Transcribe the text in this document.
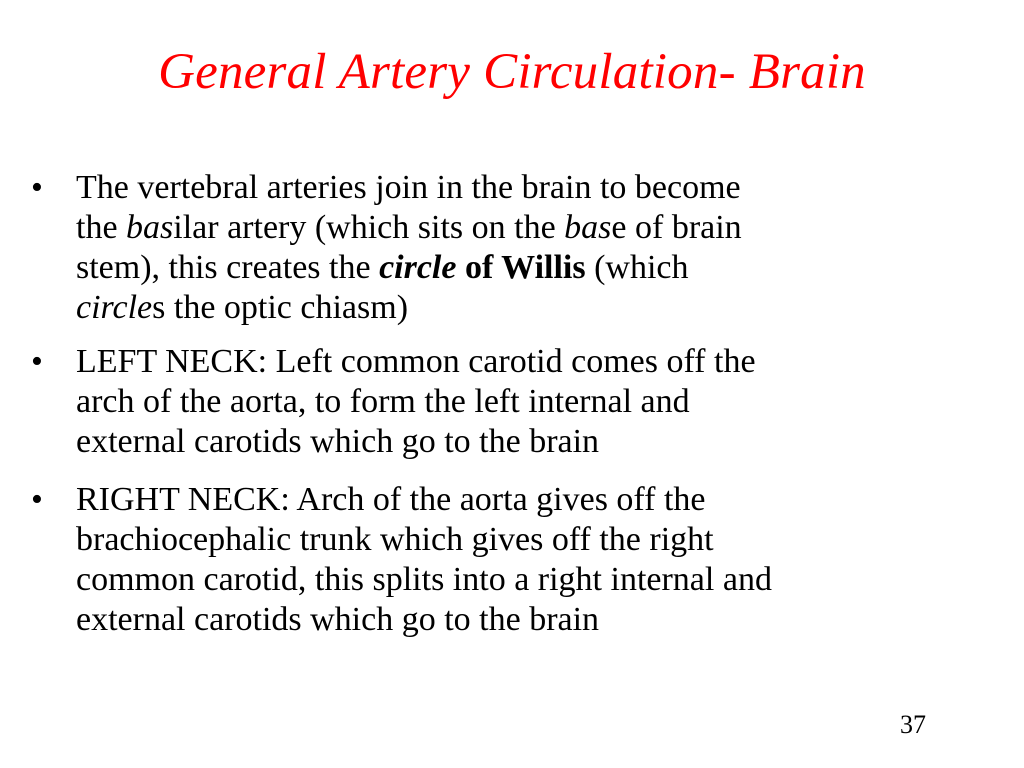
General Artery Circulation- Brain
• The vertebral arteries join in the brain to become
the basilar artery (which sits on the base of brain
stem), this creates the circle of Willis (which
circles the optic chiasm)
• LEFT NECK: Left common carotid comes off the
arch of the aorta, to form the left internal and
external carotids which go to the brain
• RIGHT NECK: Arch of the aorta gives off the
brachiocephalic trunk which gives off the right
common carotid, this splits into a right internal and
external carotids which go to the brain
37
